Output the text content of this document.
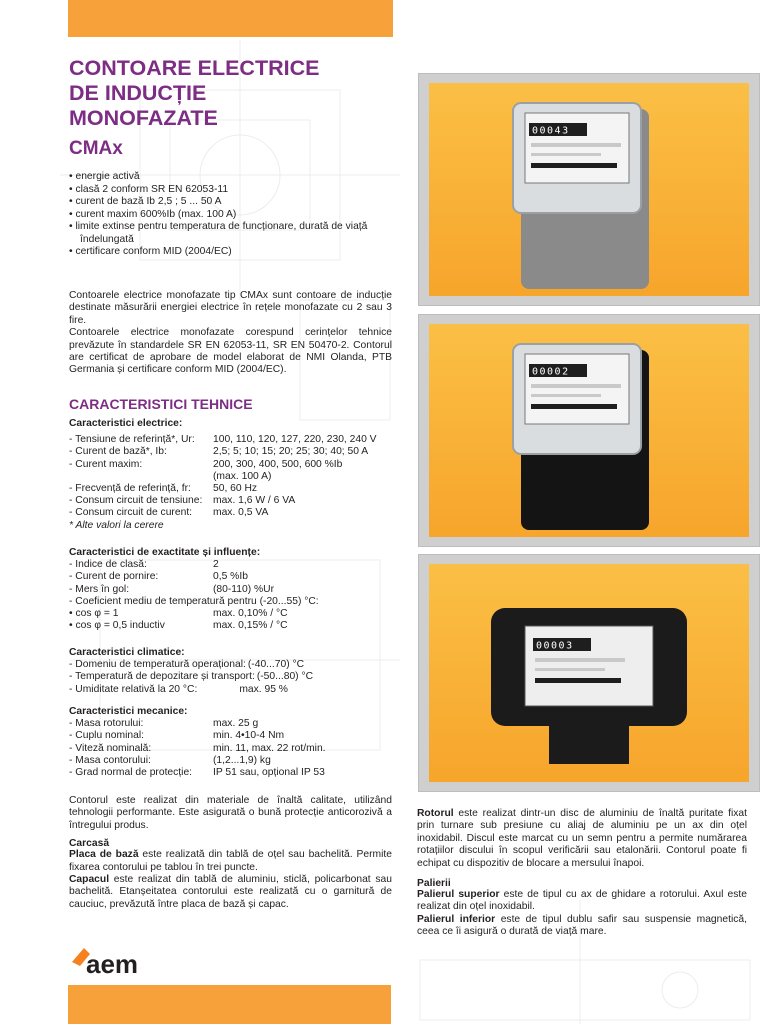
00043
00002
00003
CONTOARE ELECTRICE
DE INDUCȚIE
MONOFAZATE
CMAx
• energie activă
• clasă 2 conform SR EN 62053-11
• curent de bază Ib 2,5 ; 5 ... 50 A
• curent maxim 600%Ib (max. 100 A)
• limite extinse pentru temperatura de funcționare, durată de viață îndelungată
• certificare conform MID (2004/EC)

Contoarele electrice monofazate tip CMAx sunt contoare de inducție destinate măsurării energiei electrice în rețele monofazate cu 2 sau 3 fire.

Contoarele electrice monofazate corespund cerințelor tehnice prevăzute în standardele SR EN 62053-11, SR EN 50470-2. Contorul are certificat de aprobare de model elaborat de NMI Olanda, PTB Germania și certificare conform MID (2004/EC).

CARACTERISTICI TEHNICE
Caracteristici electrice:
- Tensiune de referință*, Ur:	100, 110, 120, 127, 220, 230, 240 V
- Curent de bază*, Ib:	2,5; 5; 10; 15; 20; 25; 30; 40; 50 A
- Curent maxim:	200, 300, 400, 500, 600 %Ib
(max. 100 A)
- Frecvență de referință, fr:	50, 60 Hz
- Consum circuit de tensiune:	max. 1,6 W / 6 VA
- Consum circuit de curent:	max. 0,5 VA
* Alte valori la cerere
Caracteristici de exactitate și influențe:
- Indice de clasă:	2
- Curent de pornire:	0,5 %Ib
- Mers în gol:	(80-110) %Ur
- Coeficient mediu de temperatură pentru (-20...55) °C:
• cos φ = 1	max. 0,10% / °C
• cos φ = 0,5 inductiv	max. 0,15% / °C
Caracteristici climatice:
- Domeniu de temperatură operațional: (-40...70) °C
- Temperatură de depozitare și transport: (-50...80) °C
- Umiditate relativă la 20 °C:	max. 95 %
Caracteristici mecanice:
- Masa rotorului:	max. 25 g
- Cuplu nominal:	min. 4•10-4 Nm
- Viteză nominală:	min. 11, max. 22 rot/min.
- Masa contorului:	(1,2...1,9) kg
- Grad normal de protecție:	IP 51 sau, opțional IP 53

Contorul este realizat din materiale de înaltă calitate, utilizând tehnologii performante. Este asigurată o bună protecție anticorozivă a întregului produs.

Carcasă

Placa de bază este realizată din tablă de oțel sau bachelită. Permite fixarea contorului pe tablou în trei puncte.

Capacul este realizat din tablă de aluminiu, sticlă, policarbonat sau bachelită. Etanșeitatea contorului este realizată cu o garnitură de cauciuc, prevăzută între placa de bază și capac.

Rotorul este realizat dintr-un disc de aluminiu de înaltă puritate fixat prin turnare sub presiune cu aliaj de aluminiu pe un ax din oțel inoxidabil. Discul este marcat cu un semn pentru a permite numărarea rotațiilor discului în scopul verificării sau etalonării. Contorul poate fi echipat cu dispozitiv de blocare a mersului înapoi.

Palierii

Palierul superior este de tipul cu ax de ghidare a rotorului. Axul este realizat din oțel inoxidabil.

Palierul inferior este de tipul dublu safir sau suspensie magnetică, ceea ce îi asigură o durată de viață mare.

aem
